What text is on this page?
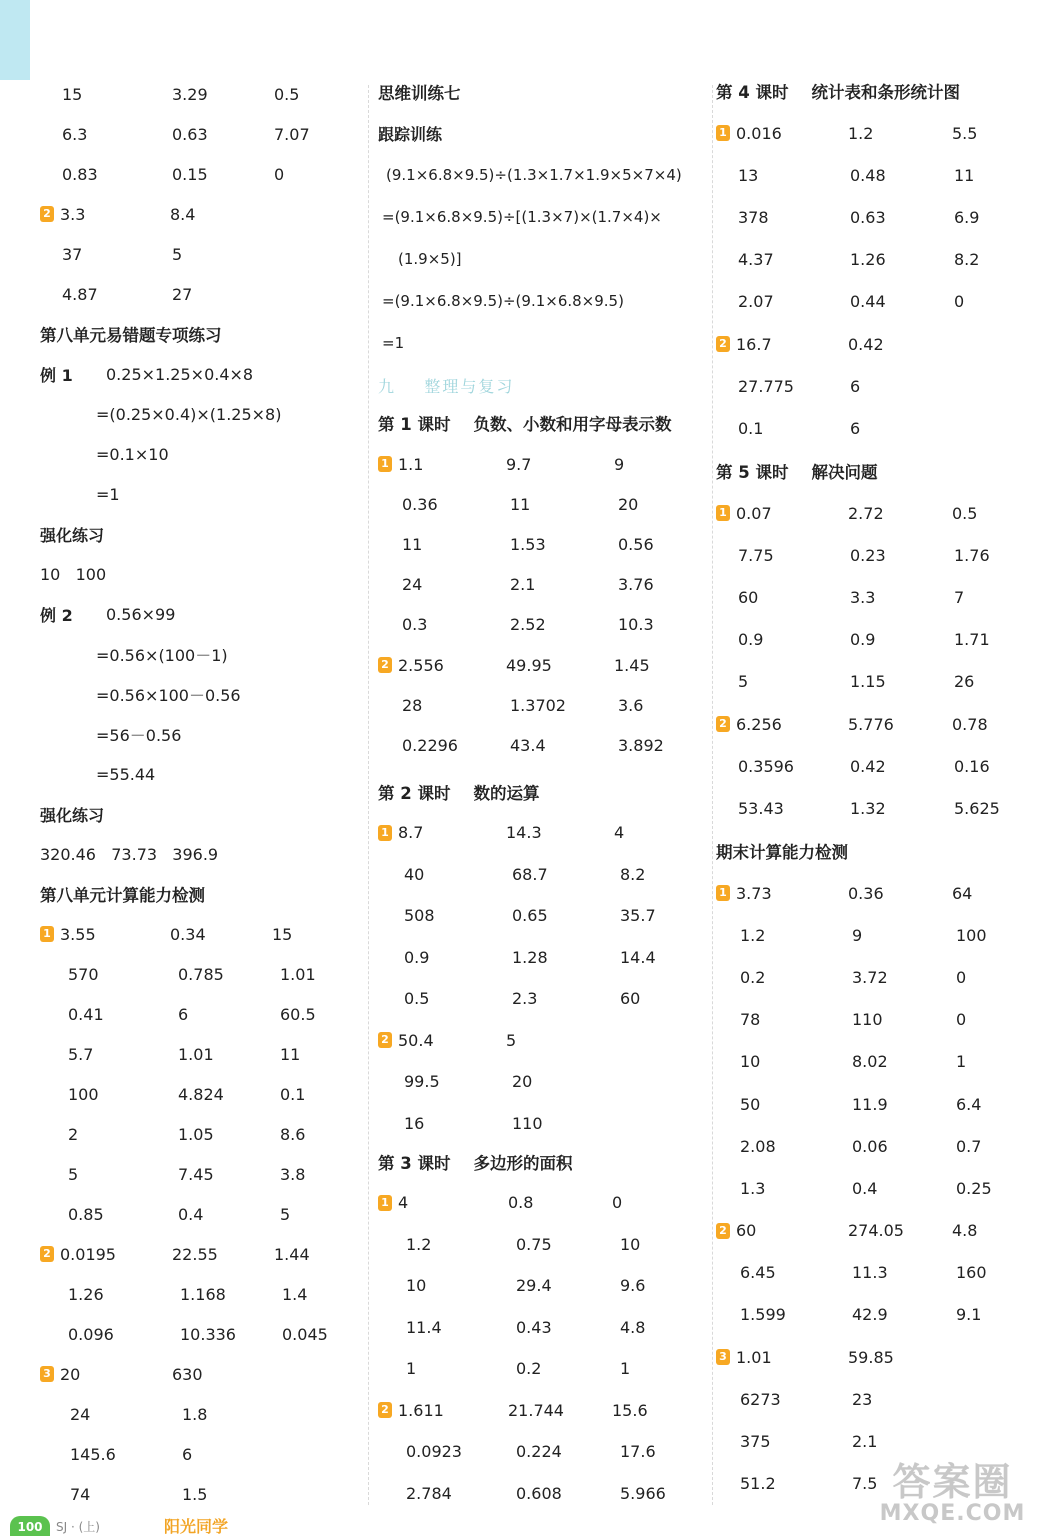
15	3.29	0.5
6.3	0.63	7.07
0.83	0.15	0
2 3.3	8.4
37	5
4.87	27
第八单元易错题专项练习
例 1	0.25×1.25×0.4×8
=(0.25×0.4)×(1.25×8)
=0.1×10
=1
强化练习
10   100
例 2	0.56×99
=0.56×(100－1)
=0.56×100－0.56
=56－0.56
=55.44
强化练习
320.46   73.73   396.9
第八单元计算能力检测
1 3.55	0.34	15
570	0.785	1.01
0.41	6	60.5
5.7	1.01	11
100	4.824	0.1
2	1.05	8.6
5	7.45	3.8
0.85	0.4	5
2 0.0195	22.55	1.44
1.26	1.168	1.4
0.096	10.336	0.045
3 20	630
24	1.8
145.6	6
74	1.5
思维训练七
跟踪训练
(9.1×6.8×9.5)÷(1.3×1.7×1.9×5×7×4)
=(9.1×6.8×9.5)÷[(1.3×7)×(1.7×4)×
(1.9×5)]
=(9.1×6.8×9.5)÷(9.1×6.8×9.5)
=1
九    整理与复习
第 1 课时    负数、小数和用字母表示数
1 1.1	9.7	9
0.36	11	20
11	1.53	0.56
24	2.1	3.76
0.3	2.52	10.3
2 2.556	49.95	1.45
28	1.3702	3.6
0.2296	43.4	3.892
第 2 课时    数的运算
1 8.7	14.3	4
40	68.7	8.2
508	0.65	35.7
0.9	1.28	14.4
0.5	2.3	60
2 50.4	5
99.5	20
16	110
第 3 课时    多边形的面积
1 4	0.8	0
1.2	0.75	10
10	29.4	9.6
11.4	0.43	4.8
1	0.2	1
2 1.611	21.744	15.6
0.0923	0.224	17.6
2.784	0.608	5.966
第 4 课时    统计表和条形统计图
1 0.016	1.2	5.5
13	0.48	11
378	0.63	6.9
4.37	1.26	8.2
2.07	0.44	0
2 16.7	0.42
27.775	6
0.1	6
第 5 课时    解决问题
1 0.07	2.72	0.5
7.75	0.23	1.76
60	3.3	7
0.9	0.9	1.71
5	1.15	26
2 6.256	5.776	0.78
0.3596	0.42	0.16
53.43	1.32	5.625
期末计算能力检测
1 3.73	0.36	64
1.2	9	100
0.2	3.72	0
78	110	0
10	8.02	1
50	11.9	6.4
2.08	0.06	0.7
1.3	0.4	0.25
2 60	274.05	4.8
6.45	11.3	160
1.599	42.9	9.1
3 1.01	59.85
6273	23
375	2.1
51.2	7.5
100	SJ · (上)	阳光同学
答案圈
MXQE.COM
